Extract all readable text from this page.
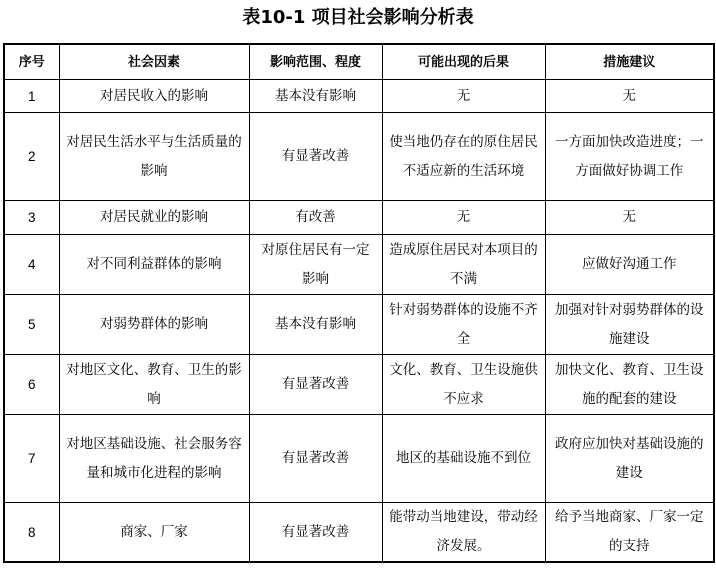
表10-1 项目社会影响分析表
序号	社会因素	影响范围、程度	可能出现的后果	措施建议
1	对居民收入的影响	基本没有影响	无	无
2	对居民生活水平与生活质量的影响	有显著改善	使当地仍存在的原住居民不适应新的生活环境	一方面加快改造进度；一方面做好协调工作
3	对居民就业的影响	有改善	无	无
4	对不同利益群体的影响	对原住居民有一定影响	造成原住居民对本项目的不满	应做好沟通工作
5	对弱势群体的影响	基本没有影响	针对弱势群体的设施不齐全	加强对针对弱势群体的设施建设
6	对地区文化、教育、卫生的影响	有显著改善	文化、教育、卫生设施供不应求	加快文化、教育、卫生设施的配套的建设
7	对地区基础设施、社会服务容量和城市化进程的影响	有显著改善	地区的基础设施不到位	政府应加快对基础设施的建设
8	商家、厂家	有显著改善	能带动当地建设，带动经济发展。	给予当地商家、厂家一定的支持
